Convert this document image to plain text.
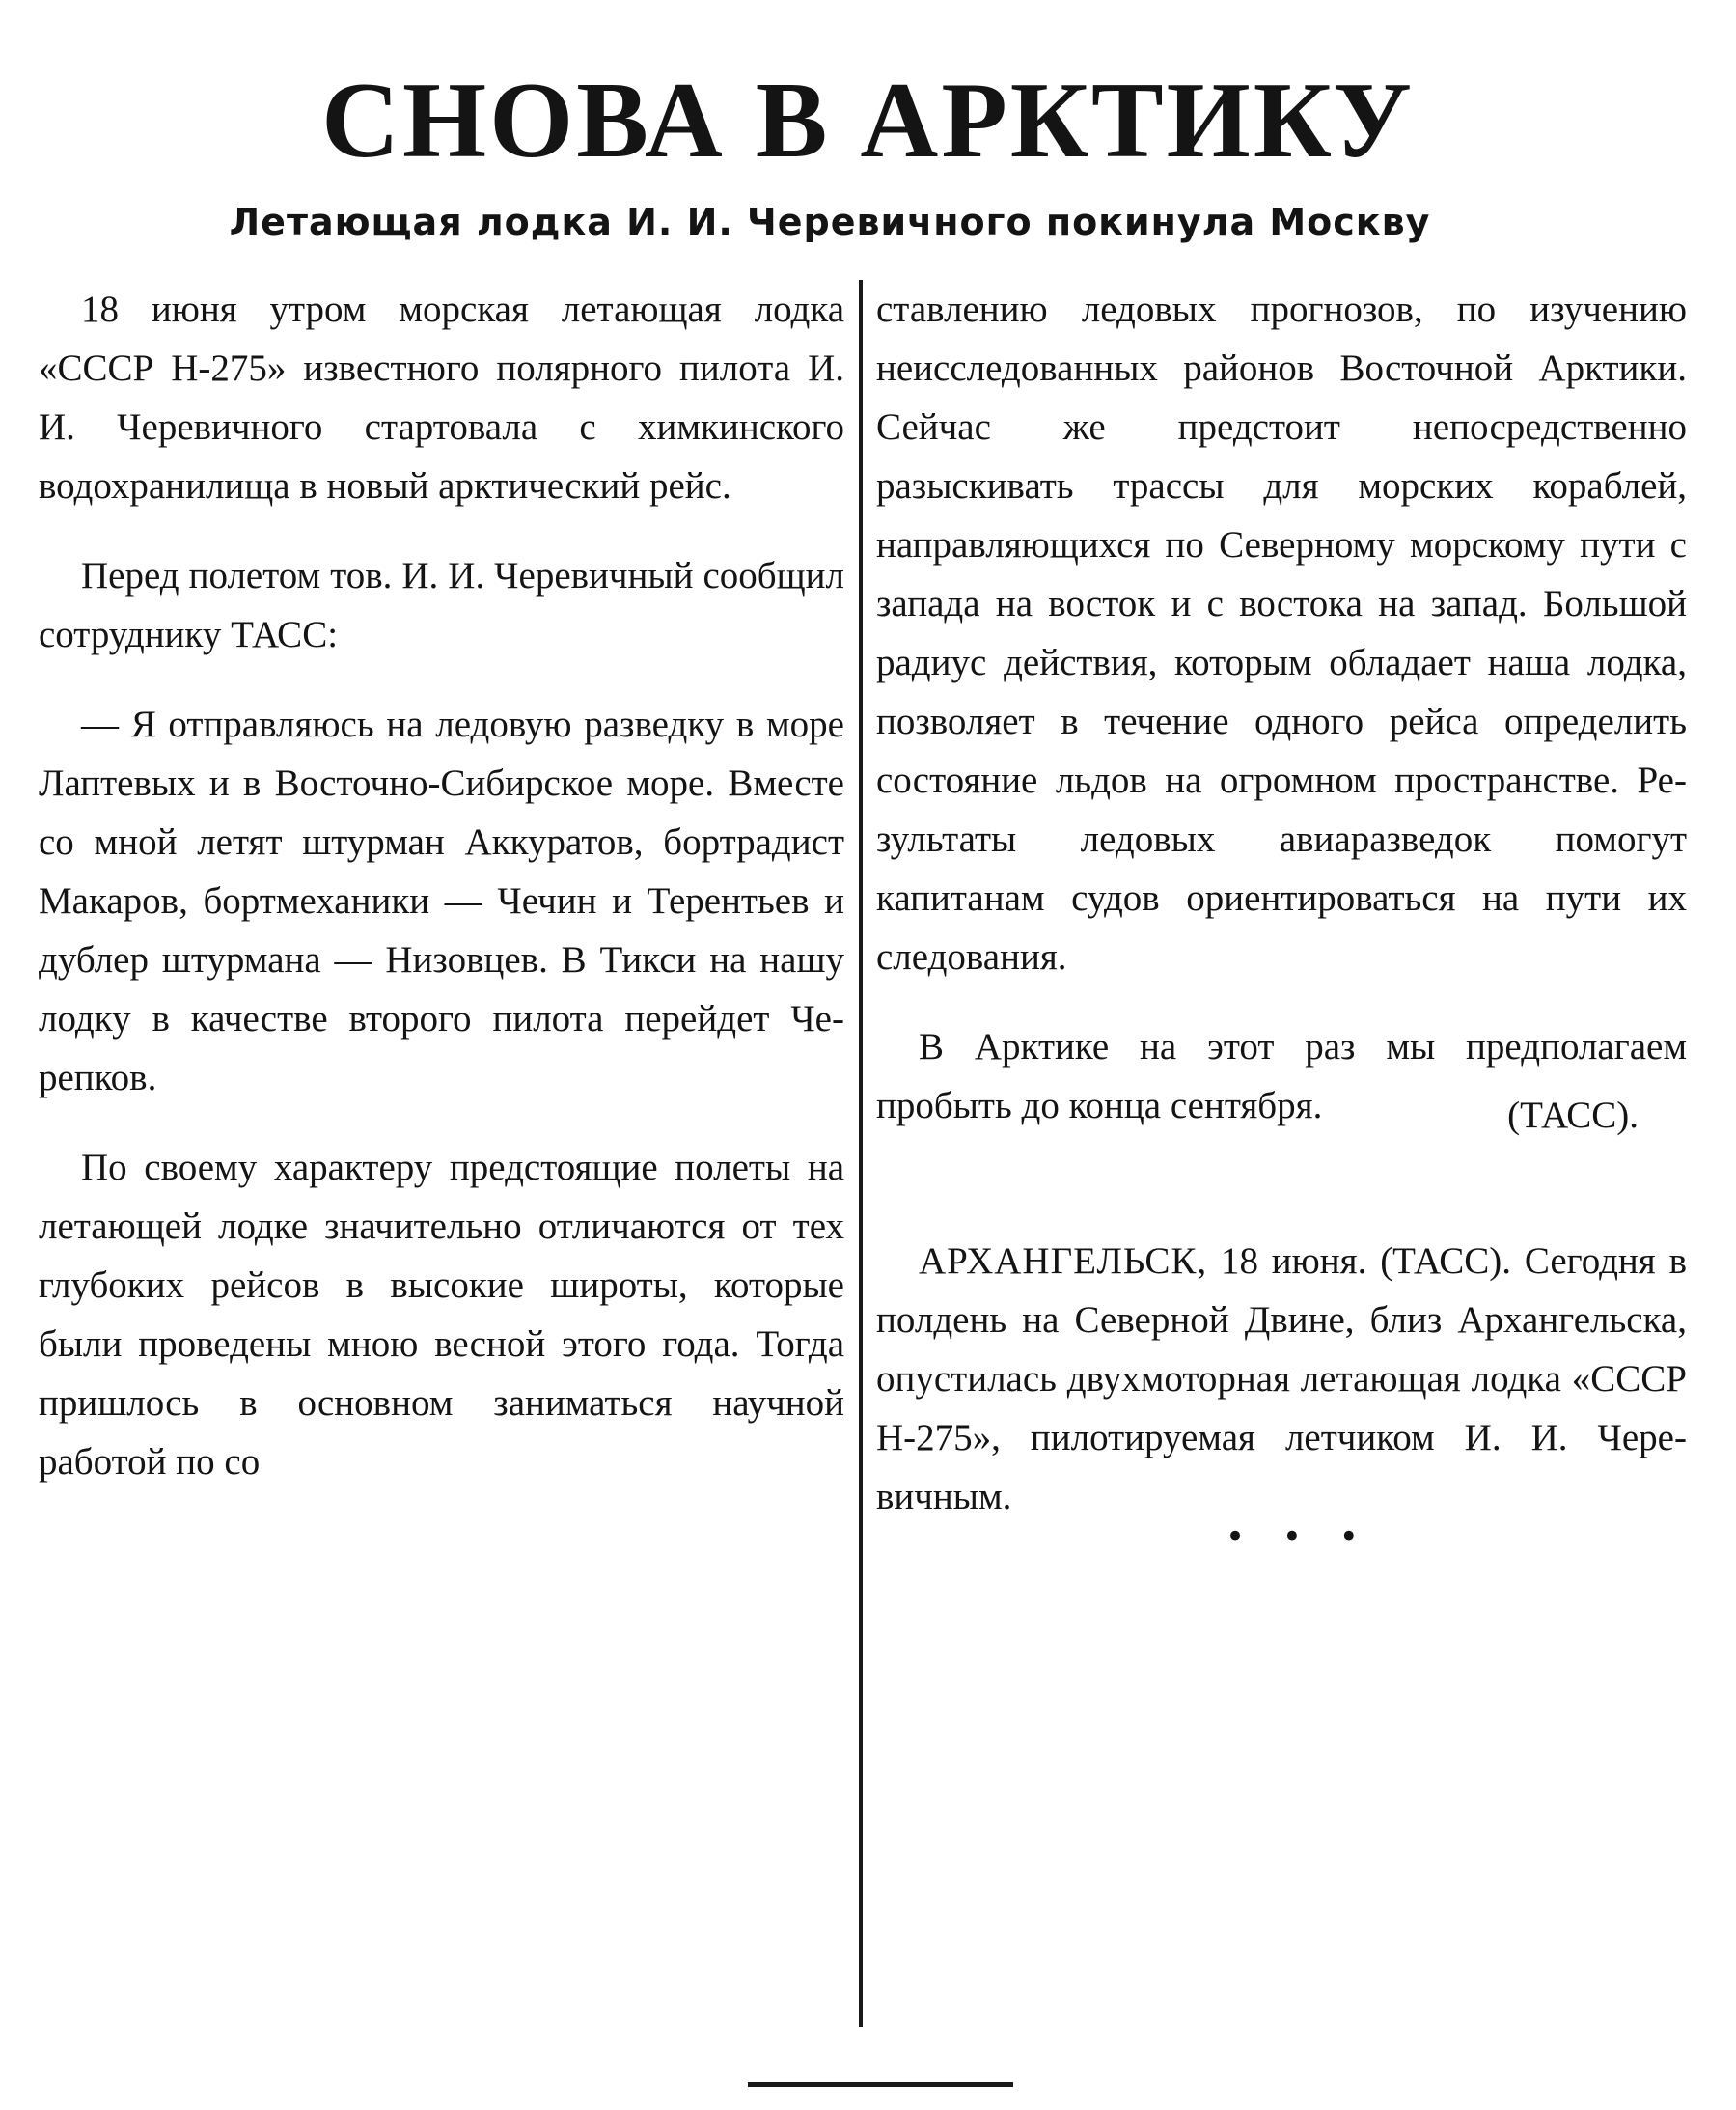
СНОВА В АРКТИКУ
Летающая лодка И. И. Черевичного покинула Москву

18 июня утром морская летающая лодка «СССР Н-275» известного полярного пилота И. И. Черевичного стартовала с химкинского водохранилища в новый арктический рейс.

Перед полетом тов. И. И. Черевичный сообщил сотруднику ТАСС:

— Я отправляюсь на ледовую разведку в море Лаптевых и в Восточно-Сибирское море. Вместе со мной летят штурман Аккуратов, бортрадист Макаров, бортмеханики — Чечин и Терентьев и дублер штурмана — Низовцев. В Тикси на нашу лодку в качестве второго пилота перейдет Черепков.

По своему характеру предстоящие полеты на летающей лодке значительно отличаются от тех глубоких рейсов в высокие широты, которые были проведены мною весной этого года. Тогда пришлось в основном заниматься научной работой по со

ставлению ледовых прогнозов, по изучению неисследованных районов Восточной Арктики. Сейчас же предстоит непосредственно разыскивать трассы для морских кораблей, направляющихся по Северному морскому пути с запада на восток и с востока на запад. Большой радиус действия, которым обладает наша лодка, позволяет в течение одного рейса определить состояние льдов на огромном пространстве. Результаты ледовых авиаразведок помогут капитанам судов ориентироваться на пути их следования.

В Арктике на этот раз мы предполагаем пробыть до конца сентября.	(ТАСС).

АРХАНГЕЛЬСК, 18 июня. (ТАСС). Сегодня в полдень на Северной Двине, близ Архангельска, опустилась двухмоторная летающая лодка «СССР Н-275», пилотируемая летчиком И. И. Черевичным.

• • •
